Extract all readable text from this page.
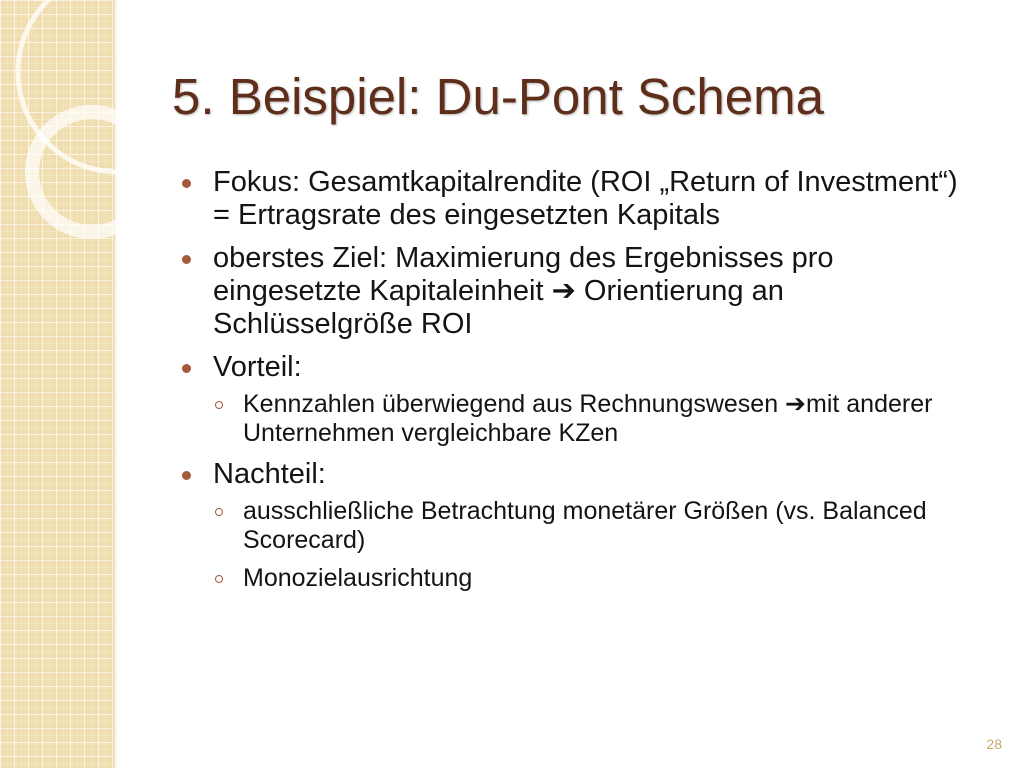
5. Beispiel: Du-Pont Schema
Fokus: Gesamtkapitalrendite (ROI „Return of Investment“) = Ertragsrate des eingesetzten Kapitals
oberstes Ziel: Maximierung des Ergebnisses pro eingesetzte Kapitaleinheit ➔ Orientierung an Schlüsselgröße ROI
Vorteil:
Kennzahlen überwiegend aus Rechnungswesen ➔mit anderer Unternehmen vergleichbare KZen
Nachteil:
ausschließliche Betrachtung monetärer Größen (vs. Balanced Scorecard)
Monozielausrichtung
28
